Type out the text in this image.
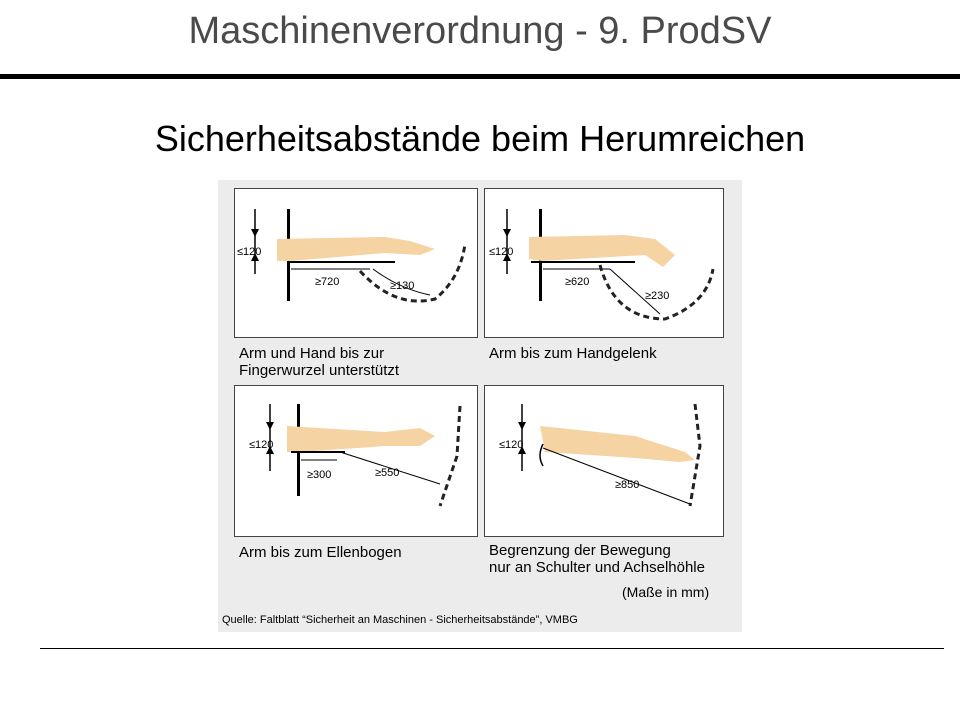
Maschinenverordnung - 9. ProdSV
Sicherheitsabstände beim Herumreichen
≥720
≤120
≥130
Arm und Hand bis zur
Fingerwurzel unterstützt
≥620
≤120
≥230
Arm bis zum Handgelenk
≥300
≤120
≥550
Arm bis zum Ellenbogen
≤120
≥850
Begrenzung der Bewegung
nur an Schulter und Achselhöhle
(Maße in mm)
Quelle: Faltblatt “Sicherheit an Maschinen - Sicherheitsabstände”, VMBG
